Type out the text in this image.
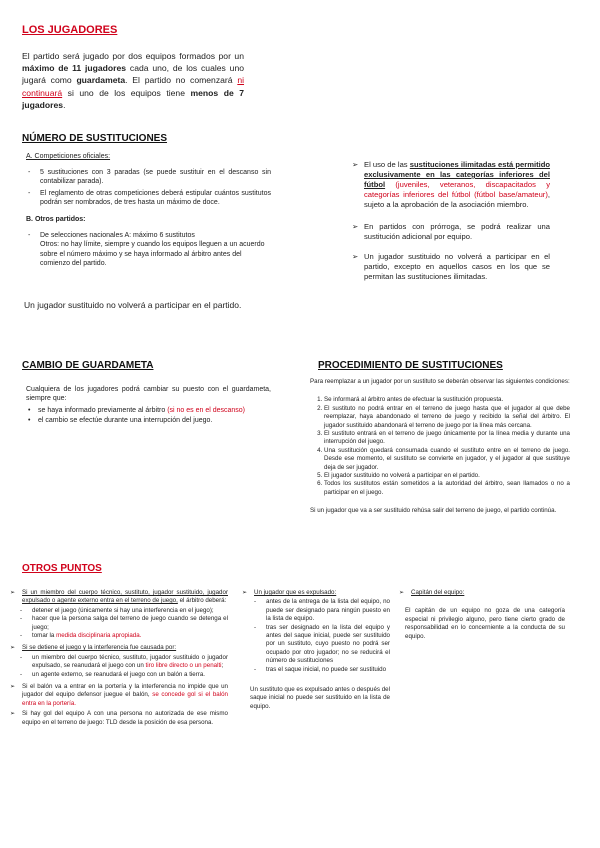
LOS JUGADORES
El partido será jugado por dos equipos formados por un máximo de 11 jugadores cada uno, de los cuales uno jugará como guardameta. El partido no comenzará ni continuará si uno de los equipos tiene menos de 7 jugadores.
NÚMERO DE SUSTITUCIONES
A. Competiciones oficiales:
- 5 sustituciones con 3 paradas (se puede sustituir en el descanso sin contabilizar parada).
- El reglamento de otras competiciones deberá estipular cuántos sustitutos podrán ser nombrados, de tres hasta un máximo de doce.
B. Otros partidos:
- De selecciones nacionales A: máximo 6 sustitutos
Otros: no hay límite, siempre y cuando los equipos lleguen a un acuerdo sobre el número máximo y se haya informado al árbitro antes del comienzo del partido.
Un jugador sustituido no volverá a participar en el partido.
➢ El uso de las sustituciones ilimitadas está permitido exclusivamente en las categorías inferiores del fútbol (juveniles, veteranos, discapacitados y categorías inferiores del fútbol (fútbol base/amateur), sujeto a la aprobación de la asociación miembro.
➢ En partidos con prórroga, se podrá realizar una sustitución adicional por equipo.
➢ Un jugador sustituido no volverá a participar en el partido, excepto en aquellos casos en los que se permitan las sustituciones ilimitadas.
CAMBIO DE GUARDAMETA
Cualquiera de los jugadores podrá cambiar su puesto con el guardameta, siempre que:
• se haya informado previamente al árbitro (si no es en el descanso)
• el cambio se efectúe durante una interrupción del juego.
PROCEDIMIENTO DE SUSTITUCIONES
Para reemplazar a un jugador por un sustituto se deberán observar las siguientes condiciones:
1. Se informará al árbitro antes de efectuar la sustitución propuesta.
2. El sustituto no podrá entrar en el terreno de juego hasta que el jugador al que debe reemplazar, haya abandonado el terreno de juego y recibido la señal del árbitro. El jugador sustituido abandonará el terreno de juego por la línea más cercana.
3. El sustituto entrará en el terreno de juego únicamente por la línea media y durante una interrupción del juego.
4. Una sustitución quedará consumada cuando el sustituto entre en el terreno de juego. Desde ese momento, el sustituto se convierte en jugador, y el jugador al que sustituye deja de ser jugador.
5. El jugador sustituido no volverá a participar en el partido.
6. Todos los sustitutos están sometidos a la autoridad del árbitro, sean llamados o no a participar en el juego.
Si un jugador que va a ser sustituido rehúsa salir del terreno de juego, el partido continúa.
OTROS PUNTOS
➢ Si un miembro del cuerpo técnico, sustituto, jugador sustituido, jugador expulsado o agente externo entra en el terreno de juego, el árbitro deberá:
- detener el juego (únicamente si hay una interferencia en el juego);
- hacer que la persona salga del terreno de juego cuando se detenga el juego;
- tomar la medida disciplinaria apropiada.
➢ Si se detiene el juego y la interferencia fue causada por:
- un miembro del cuerpo técnico, sustituto, jugador sustituido o jugador expulsado, se reanudará el juego con un tiro libre directo o un penalti;
- un agente externo, se reanudará el juego con un balón a tierra.
➢ Si el balón va a entrar en la portería y la interferencia no impide que un jugador del equipo defensor juegue el balón, se concede gol si el balón entra en la portería.
➢ Si hay gol del equipo A con una persona no autorizada de ese mismo equipo en el terreno de juego: TLD desde la posición de esa persona.
➢ Un jugador que es expulsado:
- antes de la entrega de la lista del equipo, no puede ser designado para ningún puesto en la lista de equipo.
- tras ser designado en la lista del equipo y antes del saque inicial, puede ser sustituido por un sustituto, cuyo puesto no podrá ser ocupado por otro jugador; no se reducirá el número de sustituciones
- tras el saque inicial, no puede ser sustituido
Un sustituto que es expulsado antes o después del saque inicial no puede ser sustituido en la lista de equipo.
➢ Capitán del equipo:
El capitán de un equipo no goza de una categoría especial ni privilegio alguno, pero tiene cierto grado de responsabilidad en lo concerniente a la conducta de su equipo.
